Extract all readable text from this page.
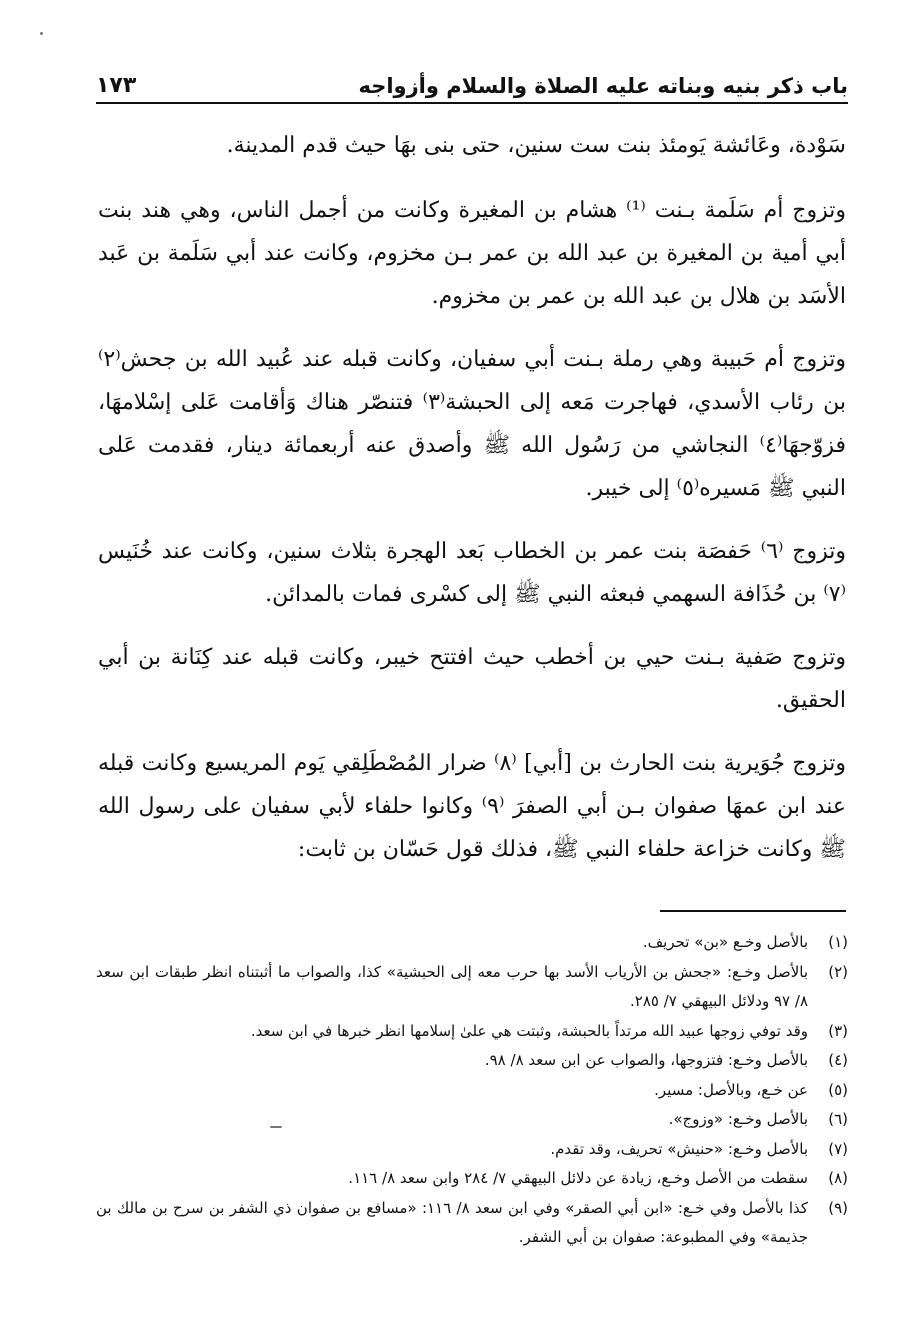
باب ذكر بنيه وبناته عليه الصلاة والسلام وأزواجه
١٧٣

سَوْدة، وعَائشة يَومئذ بنت ست سنين، حتى بنى بهَا حيث قدم المدينة.

وتزوج أم سَلَمة بـنت ⁽¹⁾ هشام بن المغيرة وكانت من أجمل الناس، وهي هند بنت أبي أمية بن المغيرة بن عبد الله بن عمر بـن مخزوم، وكانت عند أبي سَلَمة بن عَبد الأسَد بن هلال بن عبد الله بن عمر بن مخزوم.

وتزوج أم حَبيبة وهي رملة بـنت أبي سفيان، وكانت قبله عند عُبيد الله بن جحش⁽٢⁾ بن رئاب الأسدي، فهاجرت مَعه إلى الحبشة⁽٣⁾ فتنصّر هناك وَأقامت عَلى إسْلامهَا، فزوّجهَا⁽٤⁾ النجاشي من رَسُول الله ﷺ وأصدق عنه أربعمائة دينار، فقدمت عَلى النبي ﷺ مَسيره⁽٥⁾ إلى خيبر.

وتزوج ⁽٦⁾ حَفصَة بنت عمر بن الخطاب بَعد الهجرة بثلاث سنين، وكانت عند خُنَيس ⁽٧⁾ بن حُذَافة السهمي فبعثه النبي ﷺ إلى كسْرى فمات بالمدائن.

وتزوج صَفية بـنت حيي بن أخطب حيث افتتح خيبر، وكانت قبله عند كِنَانة بن أبي الحقيق.

وتزوج جُوَيرية بنت الحارث بن [أبي] ⁽٨⁾ ضرار المُصْطَلِقي يَوم المريسيع وكانت قبله عند ابن عمهَا صفوان بـن أبي الصفرَ ⁽٩⁾ وكانوا حلفاء لأبي سفيان على رسول الله ﷺ وكانت خزاعة حلفاء النبي ﷺ، فذلك قول حَسّان بن ثابت:

(١)
بالأصل وخـع «بن» تحريف.
(٢)
بالأصل وخـع: «جحش بن الأرياب الأسد بها حرب معه إلى الحبشية» كذا، والصواب ما أثبتناه انظر طبقات ابن سعد ٨/ ٩٧ ودلائل البيهقي ٧/ ٢٨٥.
(٣)
وقد توفي زوجها عبيد الله مرتداً بالحبشة، وثبتت هي علىٰ إسلامها انظر خبرها في ابن سعد.
(٤)
بالأصل وخـع: فتزوجها، والصواب عن ابن سعد ٨/ ٩٨.
(٥)
عن خـع، وبالأصل: مسير.
(٦)
بالأصل وخـع: «وزوج».
(٧)
بالأصل وخـع: «حنيش» تحريف، وقد تقدم.
(٨)
سقطت من الأصل وخـع، زيادة عن دلائل البيهقي ٧/ ٢٨٤ وابن سعد ٨/ ١١٦.
(٩)
كذا بالأصل وفي خـع: «ابن أبي الصقر» وفي ابن سعد ٨/ ١١٦: «مسافع بن صفوان ذي الشفر بن سرح بن مالك بن جذيمة» وفي المطبوعة: صفوان بن أبي الشفر.
